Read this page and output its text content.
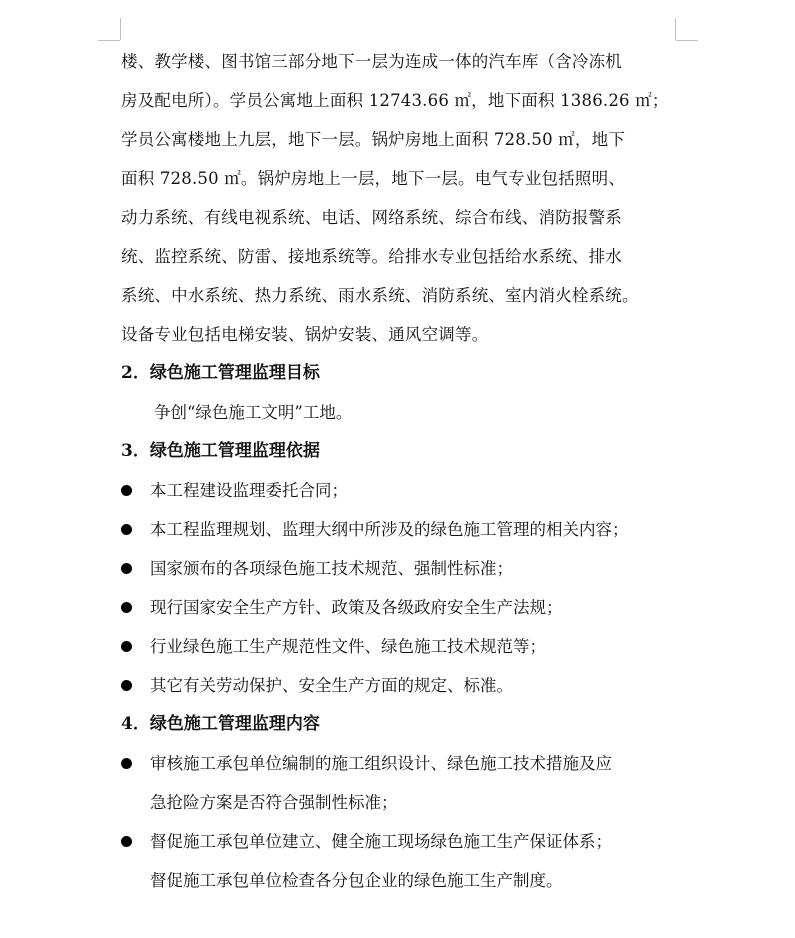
楼、教学楼、图书馆三部分地下一层为连成一体的汽车库（含冷冻机
房及配电所）。学员公寓地上面积 12743.66 ㎡，地下面积 1386.26 ㎡；
学员公寓楼地上九层，地下一层。锅炉房地上面积 728.50 ㎡，地下
面积 728.50 ㎡。锅炉房地上一层，地下一层。电气专业包括照明、
动力系统、有线电视系统、电话、网络系统、综合布线、消防报警系
统、监控系统、防雷、接地系统等。给排水专业包括给水系统、排水
系统、中水系统、热力系统、雨水系统、消防系统、室内消火栓系统。
设备专业包括电梯安装、锅炉安装、通风空调等。
2．绿色施工管理监理目标
争创“绿色施工文明”工地。
3．绿色施工管理监理依据
本工程建设监理委托合同；
本工程监理规划、监理大纲中所涉及的绿色施工管理的相关内容；
国家颁布的各项绿色施工技术规范、强制性标准；
现行国家安全生产方针、政策及各级政府安全生产法规；
行业绿色施工生产规范性文件、绿色施工技术规范等；
其它有关劳动保护、安全生产方面的规定、标准。
4．绿色施工管理监理内容
审核施工承包单位编制的施工组织设计、绿色施工技术措施及应
急抢险方案是否符合强制性标准；
督促施工承包单位建立、健全施工现场绿色施工生产保证体系；
督促施工承包单位检查各分包企业的绿色施工生产制度。
